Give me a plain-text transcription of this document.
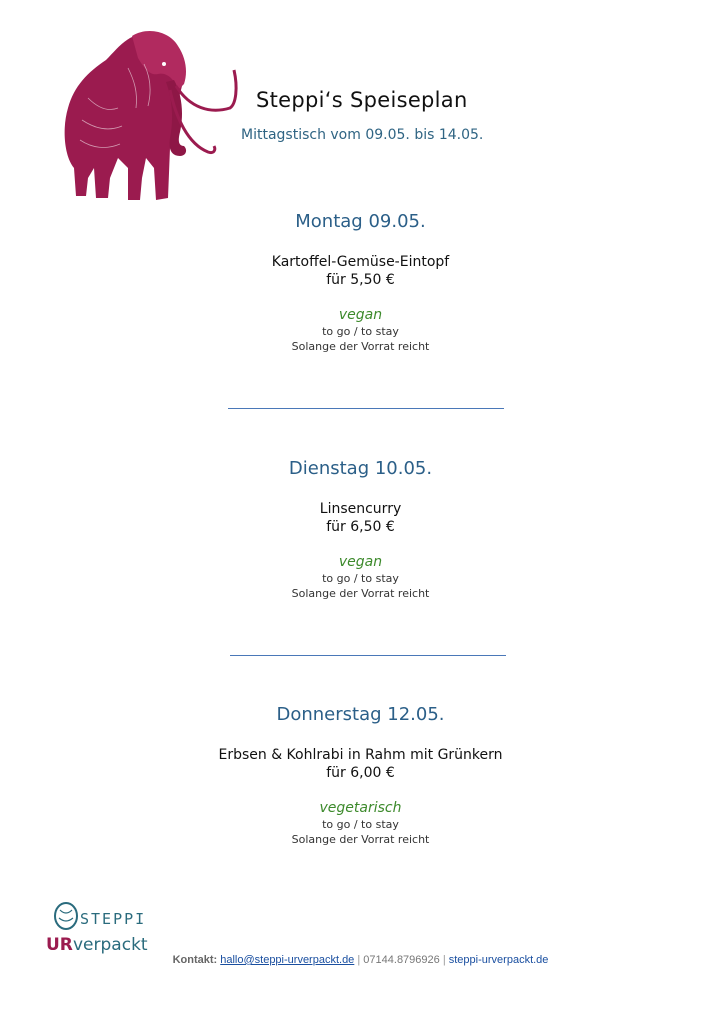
Steppi‘s Speiseplan
Mittagstisch vom 09.05. bis 14.05.
Montag 09.05.
Kartoffel-Gemüse-Eintopf
für 5,50 €
vegan
to go / to stay
Solange der Vorrat reicht
Dienstag 10.05.
Linsencurry
für 6,50 €
vegan
to go / to stay
Solange der Vorrat reicht
Donnerstag 12.05.
Erbsen & Kohlrabi in Rahm mit Grünkern
für 6,00 €
vegetarisch
to go / to stay
Solange der Vorrat reicht
STEPPI
UR verpackt
Kontakt: hallo@steppi-urverpackt.de | 07144.8796926 | steppi-urverpackt.de
